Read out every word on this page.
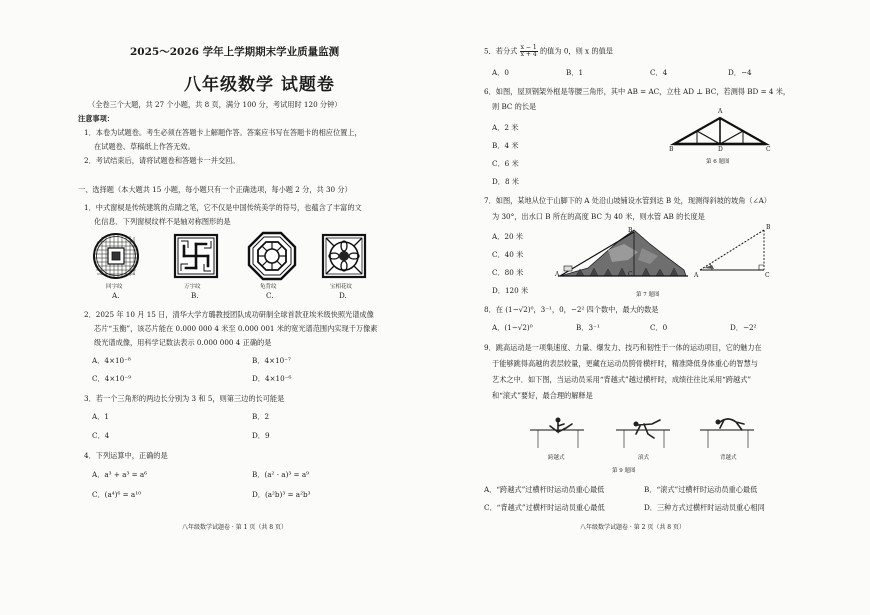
2025～2026 学年上学期期末学业质量监测
八年级数学 试题卷
（全卷三个大题，共 27 个小题，共 8 页，满分 100 分，考试用时 120 分钟）
注意事项：
1．本卷为试题卷。考生必须在答题卡上解题作答。答案应书写在答题卡的相应位置上，
在试题卷、草稿纸上作答无效。
2．考试结束后，请将试题卷和答题卡一并交回。
一、选择题（本大题共 15 小题，每小题只有一个正确选项，每小题 2 分，共 30 分）
1．中式窗棂是传统建筑的点睛之笔，它不仅是中国传统美学的符号，也蕴含了丰富的文
化信息．下列窗棂纹样不是轴对称图形的是
回字纹
A.
万字纹
B.
龟背纹
C.
宝相花纹
D.
2．2025 年 10 月 15 日，清华大学方璐教授团队成功研制全球首款亚埃米级快照光谱成像
芯片“玉衡”，该芯片能在 0.000 000 4 米至 0.000 001 米的宽光谱范围内实现千万像素
级光谱成像，用科学记数法表示 0.000 000 4 正确的是
A．4×10⁻⁸	B．4×10⁻⁷
C．4×10⁻⁹	D．4×10⁻⁶
3．若一个三角形的两边长分别为 3 和 5，则第三边的长可能是
A．1	B．2
C．4	D．9
4．下列运算中，正确的是
A．a³ + a³ = a⁶	B．(a² · a)³ = a⁹
C．(a⁴)⁶ = a¹⁰	D．(a²b)³ = a²b³
八年级数学试题卷 · 第 1 页（共 8 页）
5．若分式 $\frac{x - 1}{x + 4}$ 的值为 0，则 x 的值是
A．0	B．1	C．4	D．−4
6．如图，屋顶钢架外框是等腰三角形，其中 AB = AC，立柱 AD ⊥ BC，若测得 BD = 4 米，
则 BC 的长是
A．2 米
B．4 米
C．6 米
D．8 米
A
B	D	C
第 6 题图
7．如图，某地从位于山脚下的 A 处沿山坡铺设水管到达 B 处，现测得斜坡的坡角（∠A）
为 30°，出水口 B 所在的高度 BC 为 40 米，则水管 AB 的长度是
A．20 米
C．40 米
C．80 米
D．120 米
A
B
C	A
B
C
第 7 题图
8．在 (1−√2)⁰，3⁻¹，0，−2² 四个数中，最大的数是
A．(1−√2)⁰	B．3⁻¹	C．0	D．−2²
9．跳高运动是一项集速度、力量、爆发力、技巧和韧性于一体的运动项目，它的魅力在
于能够跳得高越的表层较量，更藏在运动员胯骨横杆时，精准降低身体重心的智慧与
艺术之中．如下图，当运动员采用“背越式”越过横杆时，成绩往往比采用“跨越式”
和“滚式”要好，最合理的解释是
跨越式	滚式	背越式
第 9 题图
A．“跨越式”过横杆时运动员重心最低	B．“滚式”过横杆时运动员重心最低
C．“背越式”过横杆时运动员重心最低	D．三种方式过横杆时运动员重心相同
八年级数学试题卷 · 第 2 页（共 8 页）
